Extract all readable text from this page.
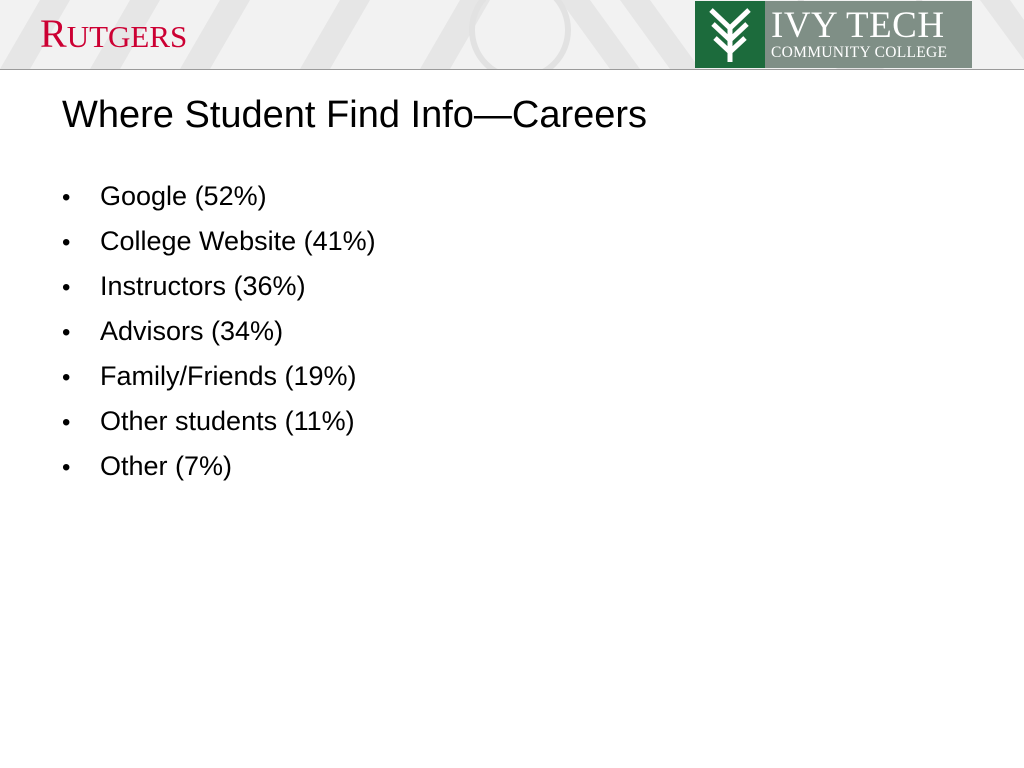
RUTGERS	IVY TECH
COMMUNITY COLLEGE
Where Student Find Info—Careers
•	Google (52%)
•	College Website (41%)
•	Instructors (36%)
•	Advisors (34%)
•	Family/Friends (19%)
•	Other students (11%)
•	Other (7%)
